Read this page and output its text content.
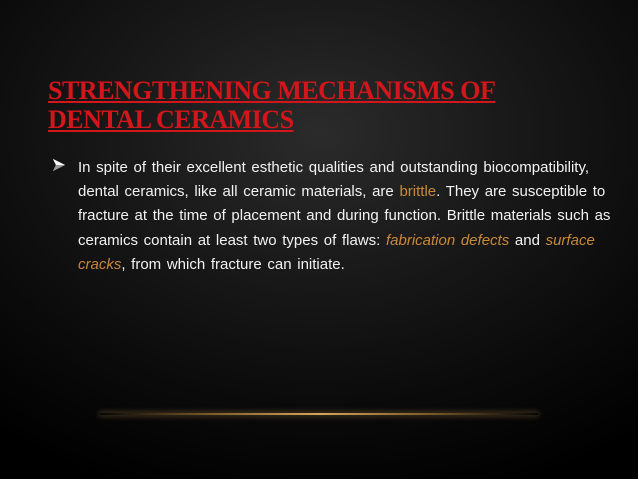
STRENGTHENING MECHANISMS OF
DENTAL CERAMICS

In spite of their excellent esthetic qualities and outstanding biocompatibility, dental ceramics, like all ceramic materials, are brittle. They are susceptible to fracture at the time of placement and during function. Brittle materials such as ceramics contain at least two types of flaws: fabrication defects and surface cracks, from which fracture can initiate.
